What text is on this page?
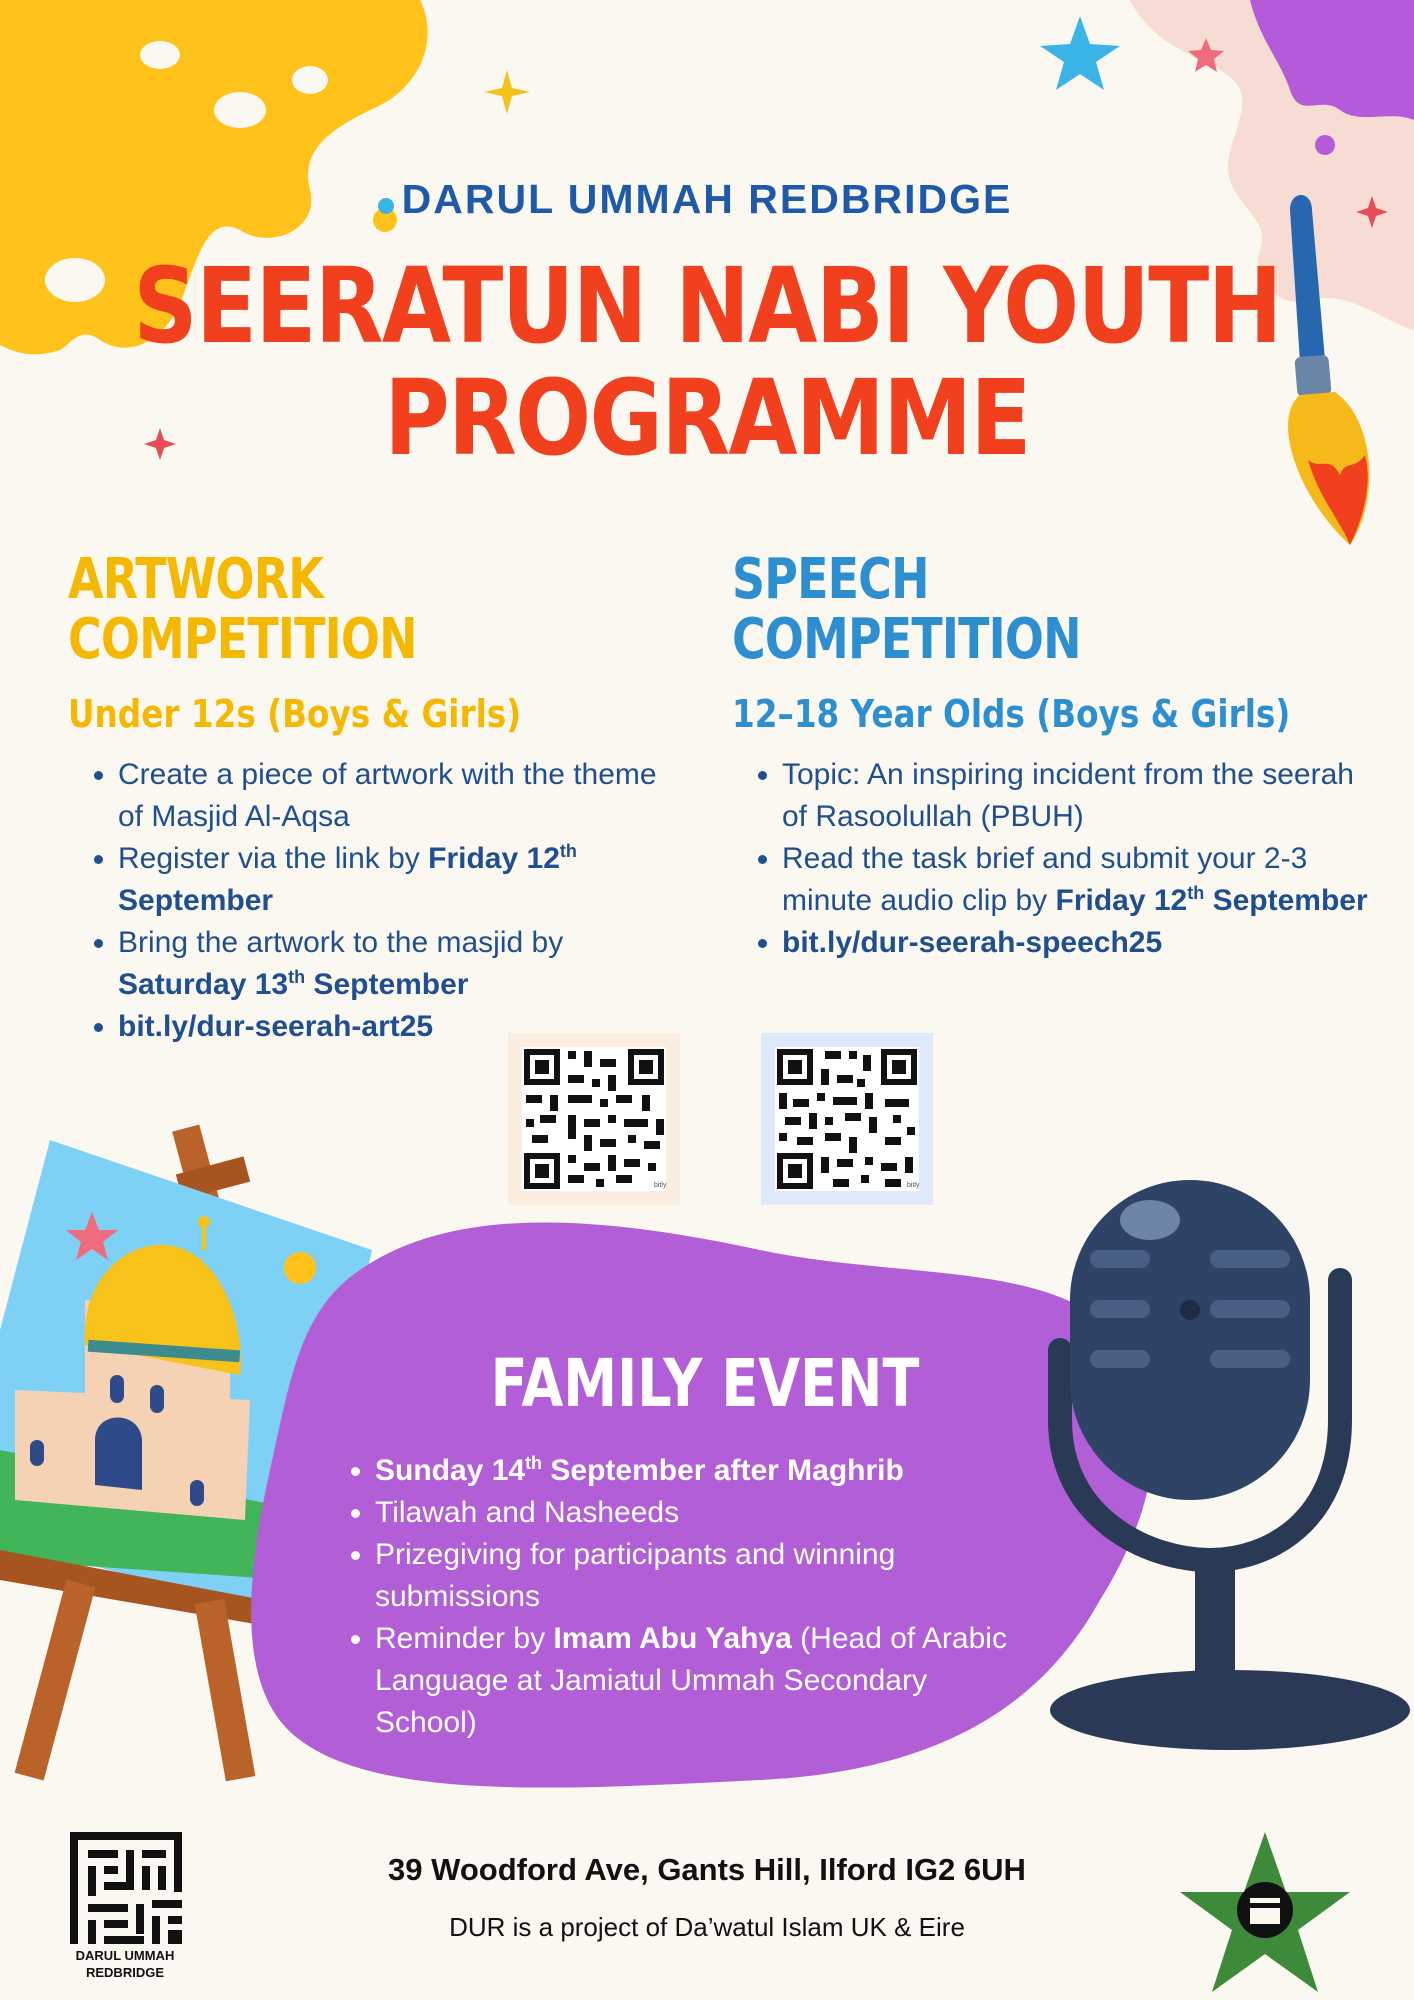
DARUL UMMAH REDBRIDGE
SEERATUN NABI YOUTH
PROGRAMME
ARTWORK
COMPETITION
Under 12s (Boys & Girls)
• Create a piece of artwork with the theme of Masjid Al-Aqsa
• Register via the link by Friday 12th September
• Bring the artwork to the masjid by Saturday 13th September
• bit.ly/dur-seerah-art25
SPEECH
COMPETITION
12–18 Year Olds (Boys & Girls)
• Topic: An inspiring incident from the seerah of Rasoolullah (PBUH)
• Read the task brief and submit your 2-3 minute audio clip by Friday 12th September
• bit.ly/dur-seerah-speech25
bitly	bitly
FAMILY EVENT
• Sunday 14th September after Maghrib
• Tilawah and Nasheeds
• Prizegiving for participants and winning submissions
• Reminder by Imam Abu Yahya (Head of Arabic Language at Jamiatul Ummah Secondary School)
DARUL UMMAH
REDBRIDGE
39 Woodford Ave, Gants Hill, Ilford IG2 6UH
DUR is a project of Da’watul Islam UK & Eire
